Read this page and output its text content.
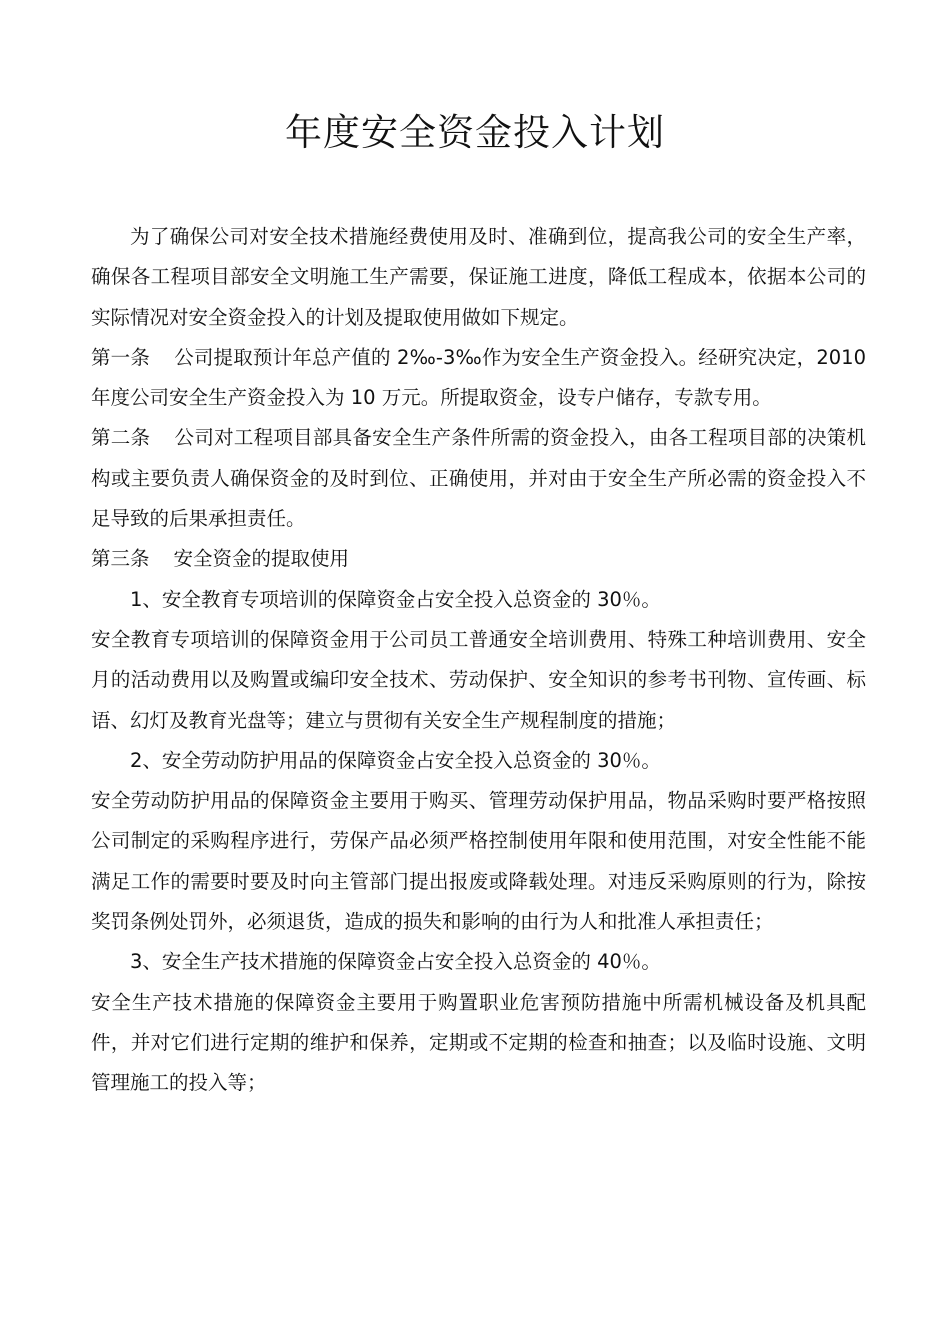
年度安全资金投入计划

为了确保公司对安全技术措施经费使用及时、准确到位，提高我公司的安全生产率，确保各工程项目部安全文明施工生产需要，保证施工进度，降低工程成本，依据本公司的实际情况对安全资金投入的计划及提取使用做如下规定。

第一条 公司提取预计年总产值的 2‰-3‰作为安全生产资金投入。经研究决定，2010 年度公司安全生产资金投入为 10 万元。所提取资金，设专户储存，专款专用。

第二条 公司对工程项目部具备安全生产条件所需的资金投入，由各工程项目部的决策机构或主要负责人确保资金的及时到位、正确使用，并对由于安全生产所必需的资金投入不足导致的后果承担责任。

第三条 安全资金的提取使用

1、安全教育专项培训的保障资金占安全投入总资金的 30％。

安全教育专项培训的保障资金用于公司员工普通安全培训费用、特殊工种培训费用、安全月的活动费用以及购置或编印安全技术、劳动保护、安全知识的参考书刊物、宣传画、标语、幻灯及教育光盘等；建立与贯彻有关安全生产规程制度的措施；

2、安全劳动防护用品的保障资金占安全投入总资金的 30％。

安全劳动防护用品的保障资金主要用于购买、管理劳动保护用品，物品采购时要严格按照公司制定的采购程序进行，劳保产品必须严格控制使用年限和使用范围，对安全性能不能满足工作的需要时要及时向主管部门提出报废或降载处理。对违反采购原则的行为，除按奖罚条例处罚外，必须退货，造成的损失和影响的由行为人和批准人承担责任；

3、安全生产技术措施的保障资金占安全投入总资金的 40％。

安全生产技术措施的保障资金主要用于购置职业危害预防措施中所需机械设备及机具配件，并对它们进行定期的维护和保养，定期或不定期的检查和抽查；以及临时设施、文明管理施工的投入等；
